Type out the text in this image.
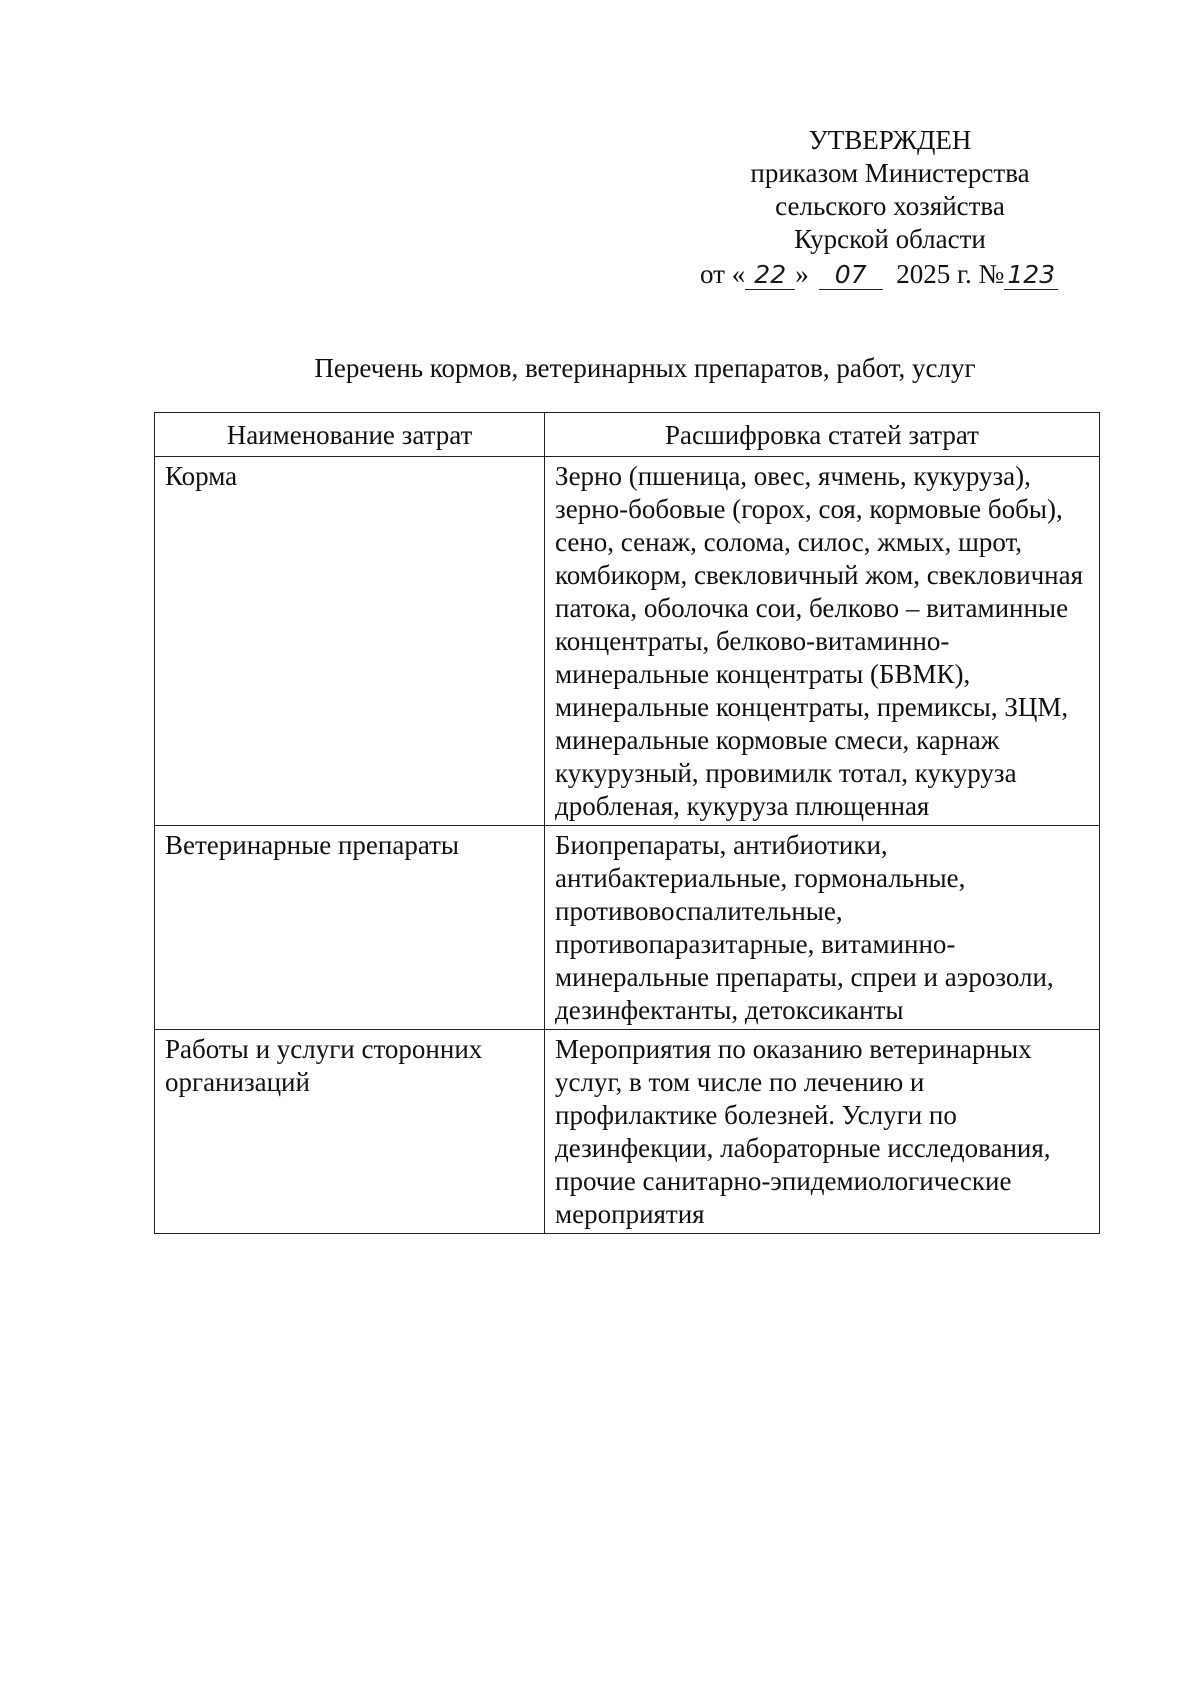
УТВЕРЖДЕН
приказом Министерства
сельского хозяйства
Курской области
от « 22 » 07 2025 г. № 123
Перечень кормов, ветеринарных препаратов, работ, услуг
Наименование затрат	Расшифровка статей затрат
Корма	Зерно (пшеница, овес, ячмень, кукуруза), зерно-бобовые (горох, соя, кормовые бобы), сено, сенаж, солома, силос, жмых, шрот, комбикорм, свекловичный жом, свекловичная патока, оболочка сои, белково – витаминные концентраты, белково-витаминно-минеральные концентраты (БВМК), минеральные концентраты, премиксы, ЗЦМ, минеральные кормовые смеси, карнаж кукурузный, провимилк тотал, кукуруза дробленая, кукуруза плющенная
Ветеринарные препараты	Биопрепараты, антибиотики, антибактериальные, гормональные, противовоспалительные, противопаразитарные, витаминно-минеральные препараты, спреи и аэрозоли, дезинфектанты, детоксиканты
Работы и услуги сторонних организаций	Мероприятия по оказанию ветеринарных услуг, в том числе по лечению и профилактике болезней. Услуги по дезинфекции, лабораторные исследования, прочие санитарно-эпидемиологические мероприятия
